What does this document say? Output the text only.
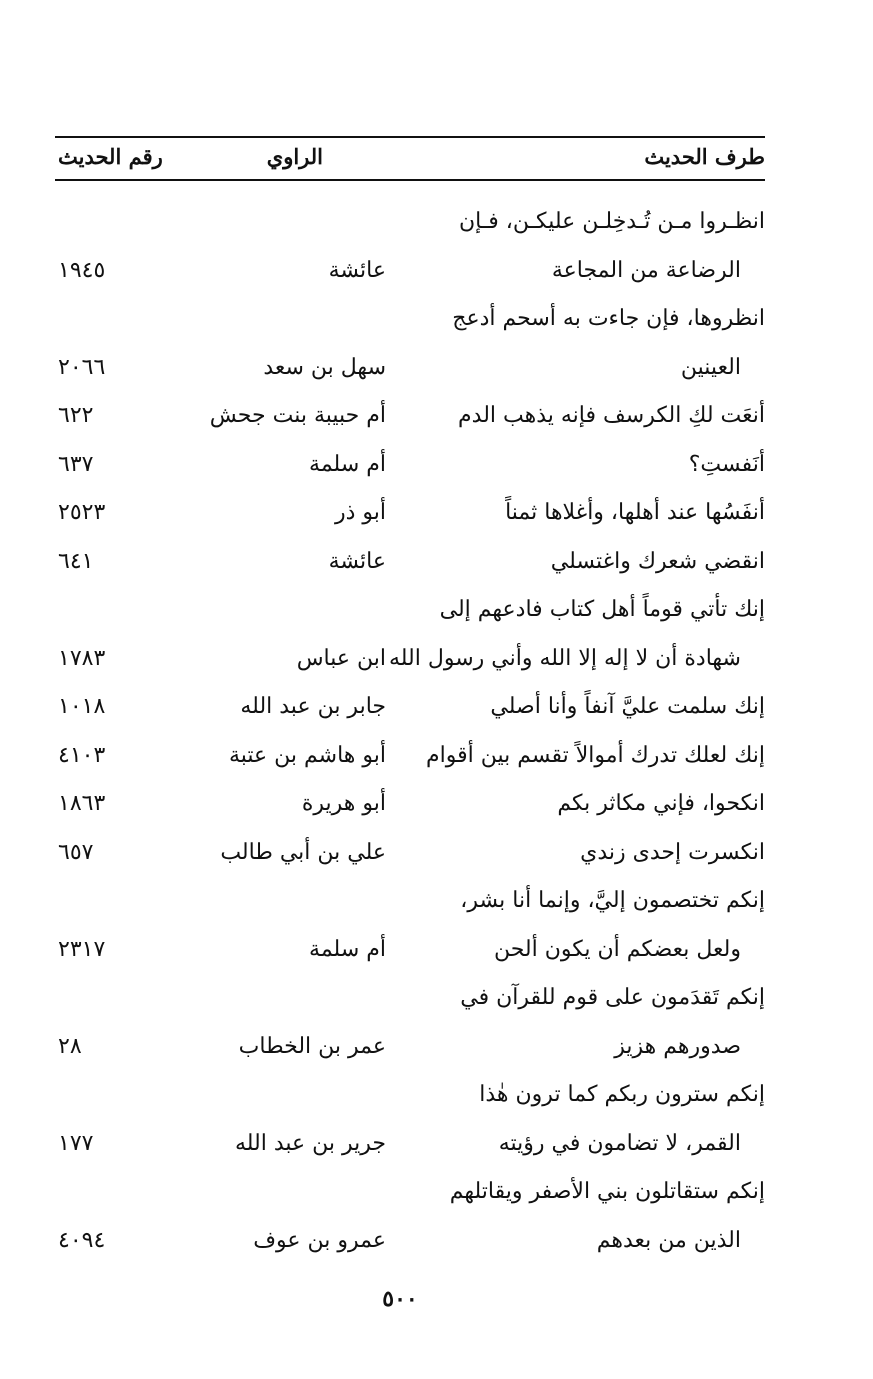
طرف الحديث
الراوي
رقم الحديث
انظـروا مـن تُـدخِلـن عليكـن، فـإن
الرضاعة من المجاعة
عائشة
١٩٤٥
انظروها، فإن جاءت به أسحم أدعج
العينين
سهل بن سعد
٢٠٦٦
أنعَت لكِ الكرسف فإنه يذهب الدم
أم حبيبة بنت جحش
٦٢٢
أنَفستِ؟
أم سلمة
٦٣٧
أنفَسُها عند أهلها، وأغلاها ثمناً
أبو ذر
٢٥٢٣
انقضي شعرك واغتسلي
عائشة
٦٤١
إنك تأتي قوماً أهل كتاب فادعهم إلى
شهادة أن لا إله إلا الله وأني رسول الله
ابن عباس
١٧٨٣
إنك سلمت عليَّ آنفاً وأنا أصلي
جابر بن عبد الله
١٠١٨
إنك لعلك تدرك أموالاً تقسم بين أقوام
أبو هاشم بن عتبة
٤١٠٣
انكحوا، فإني مكاثر بكم
أبو هريرة
١٨٦٣
انكسرت إحدى زندي
علي بن أبي طالب
٦٥٧
إنكم تختصمون إليَّ، وإنما أنا بشر،
ولعل بعضكم أن يكون ألحن
أم سلمة
٢٣١٧
إنكم تَقدَمون على قوم للقرآن في
صدورهم هزيز
عمر بن الخطاب
٢٨
إنكم سترون ربكم كما ترون هٰذا
القمر، لا تضامون في رؤيته
جرير بن عبد الله
١٧٧
إنكم ستقاتلون بني الأصفر ويقاتلهم
الذين من بعدهم
عمرو بن عوف
٤٠٩٤
٥٠٠
